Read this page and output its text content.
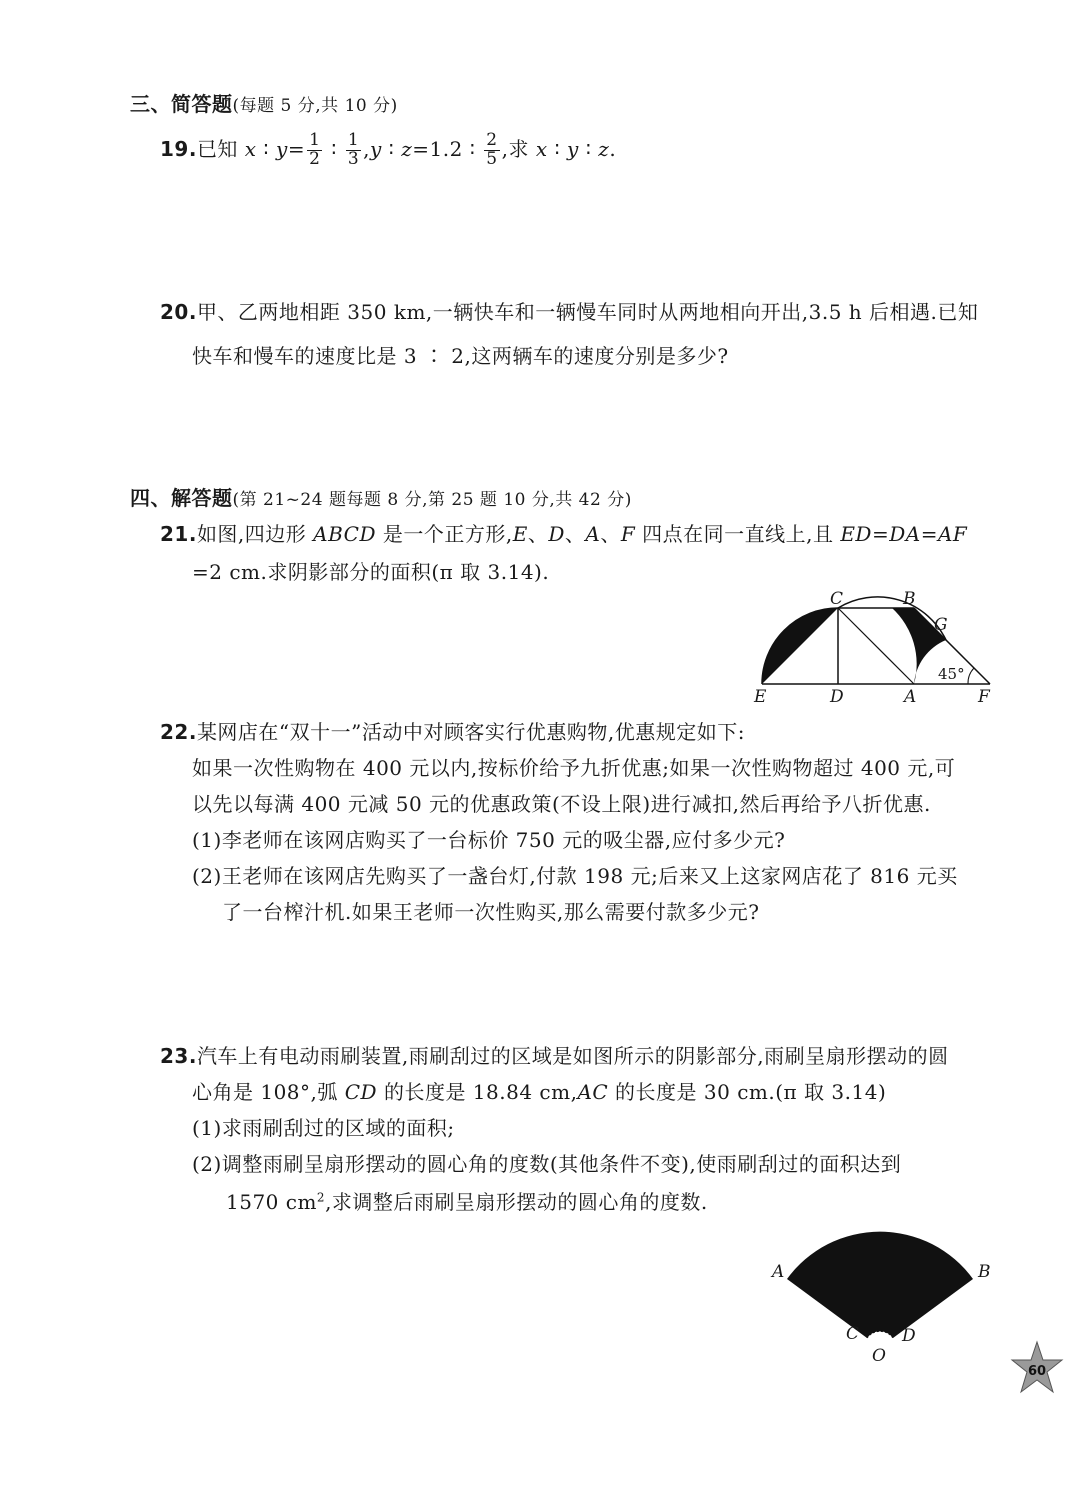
三、简答题(每题 5 分,共 10 分)
19.已知 x ∶ $y= \frac{1}{2}$ ∶ $\frac{1}{3} ,y$ ∶ z=1.2 ∶ $\frac{2}{5}$ ,求 x ∶ y ∶ z.
20.甲、乙两地相距 350 km,一辆快车和一辆慢车同时从两地相向开出,3.5 h 后相遇.已知
快车和慢车的速度比是 3 ∶ 2,这两辆车的速度分别是多少?
四、解答题(第 21~24 题每题 8 分,第 25 题 10 分,共 42 分)
21.如图,四边形 ABCD 是一个正方形,E、D、A、F 四点在同一直线上,且 ED=DA=AF
=2 cm.求阴影部分的面积(π 取 3.14).
C	B
G
E	D	A	F
45°
22.某网店在“双十一”活动中对顾客实行优惠购物,优惠规定如下:
如果一次性购物在 400 元以内,按标价给予九折优惠;如果一次性购物超过 400 元,可
以先以每满 400 元减 50 元的优惠政策(不设上限)进行减扣,然后再给予八折优惠.
(1)李老师在该网店购买了一台标价 750 元的吸尘器,应付多少元?
(2)王老师在该网店先购买了一盏台灯,付款 198 元;后来又上这家网店花了 816 元买
了一台榨汁机.如果王老师一次性购买,那么需要付款多少元?
23.汽车上有电动雨刷装置,雨刷刮过的区域是如图所示的阴影部分,雨刷呈扇形摆动的圆
心角是 108°,弧 CD 的长度是 18.84 cm,AC 的长度是 30 cm.(π 取 3.14)
(1)求雨刷刮过的区域的面积;
(2)调整雨刷呈扇形摆动的圆心角的度数(其他条件不变),使雨刷刮过的面积达到
1570 $cm^2$,求调整后雨刷呈扇形摆动的圆心角的度数.
A	B
C	D
O
60
